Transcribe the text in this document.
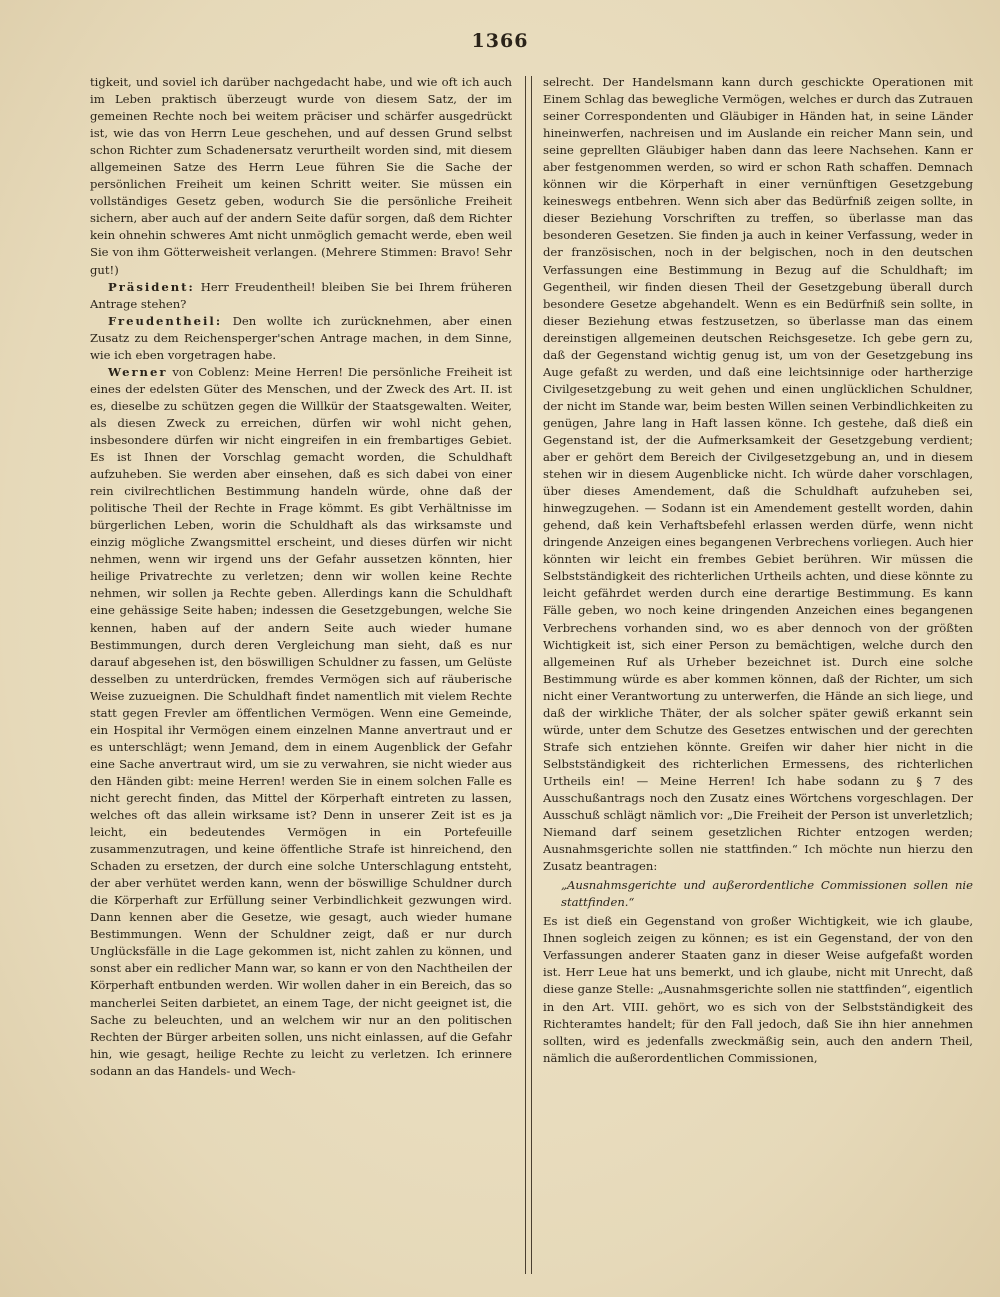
1366

tigkeit, und soviel ich darüber nachgedacht habe, und wie oft ich auch im Leben praktisch überzeugt wurde von diesem Satz, der im gemeinen Rechte noch bei weitem präciser und schärfer ausgedrückt ist, wie das von Herrn Leue geschehen, und auf dessen Grund selbst schon Richter zum Schadenersatz verurtheilt worden sind, mit diesem allgemeinen Satze des Herrn Leue führen Sie die Sache der persönlichen Freiheit um keinen Schritt weiter. Sie müssen ein vollständiges Gesetz geben, wodurch Sie die persönliche Freiheit sichern, aber auch auf der andern Seite dafür sorgen, daß dem Richter kein ohnehin schweres Amt nicht unmöglich gemacht werde, eben weil Sie von ihm Götterweisheit verlangen. (Mehrere Stimmen: Bravo! Sehr gut!)

Präsident: Herr Freudentheil! bleiben Sie bei Ihrem früheren Antrage stehen?

Freudentheil: Den wollte ich zurücknehmen, aber einen Zusatz zu dem Reichensperger'schen Antrage machen, in dem Sinne, wie ich eben vorgetragen habe.

Werner von Coblenz: Meine Herren! Die persönliche Freiheit ist eines der edelsten Güter des Menschen, und der Zweck des Art. II. ist es, dieselbe zu schützen gegen die Willkür der Staatsgewalten. Weiter, als diesen Zweck zu erreichen, dürfen wir wohl nicht gehen, insbesondere dürfen wir nicht eingreifen in ein frembartiges Gebiet. Es ist Ihnen der Vorschlag gemacht worden, die Schuldhaft aufzuheben. Sie werden aber einsehen, daß es sich dabei von einer rein civilrechtlichen Bestimmung handeln würde, ohne daß der politische Theil der Rechte in Frage kömmt. Es gibt Verhältnisse im bürgerlichen Leben, worin die Schuldhaft als das wirksamste und einzig mögliche Zwangsmittel erscheint, und dieses dürfen wir nicht nehmen, wenn wir irgend uns der Gefahr aussetzen könnten, hier heilige Privatrechte zu verletzen; denn wir wollen keine Rechte nehmen, wir sollen ja Rechte geben. Allerdings kann die Schuldhaft eine gehässige Seite haben; indessen die Gesetzgebungen, welche Sie kennen, haben auf der andern Seite auch wieder humane Bestimmungen, durch deren Vergleichung man sieht, daß es nur darauf abgesehen ist, den böswilligen Schuldner zu fassen, um Gelüste desselben zu unterdrücken, fremdes Vermögen sich auf räuberische Weise zuzueignen. Die Schuldhaft findet namentlich mit vielem Rechte statt gegen Frevler am öffentlichen Vermögen. Wenn eine Gemeinde, ein Hospital ihr Vermögen einem einzelnen Manne anvertraut und er es unterschlägt; wenn Jemand, dem in einem Augenblick der Gefahr eine Sache anvertraut wird, um sie zu verwahren, sie nicht wieder aus den Händen gibt: meine Herren! werden Sie in einem solchen Falle es nicht gerecht finden, das Mittel der Körperhaft eintreten zu lassen, welches oft das allein wirksame ist? Denn in unserer Zeit ist es ja leicht, ein bedeutendes Vermögen in ein Portefeuille zusammenzutragen, und keine öffentliche Strafe ist hinreichend, den Schaden zu ersetzen, der durch eine solche Unterschlagung entsteht, der aber verhütet werden kann, wenn der böswillige Schuldner durch die Körperhaft zur Erfüllung seiner Verbindlichkeit gezwungen wird. Dann kennen aber die Gesetze, wie gesagt, auch wieder humane Bestimmungen. Wenn der Schuldner zeigt, daß er nur durch Unglücksfälle in die Lage gekommen ist, nicht zahlen zu können, und sonst aber ein redlicher Mann war, so kann er von den Nachtheilen der Körperhaft entbunden werden. Wir wollen daher in ein Bereich, das so mancherlei Seiten darbietet, an einem Tage, der nicht geeignet ist, die Sache zu beleuchten, und an welchem wir nur an den politischen Rechten der Bürger arbeiten sollen, uns nicht einlassen, auf die Gefahr hin, wie gesagt, heilige Rechte zu leicht zu verletzen. Ich erinnere sodann an das Handels- und Wech-

selrecht. Der Handelsmann kann durch geschickte Operationen mit Einem Schlag das bewegliche Vermögen, welches er durch das Zutrauen seiner Correspondenten und Gläubiger in Händen hat, in seine Länder hineinwerfen, nachreisen und im Auslande ein reicher Mann sein, und seine geprellten Gläubiger haben dann das leere Nachsehen. Kann er aber festgenommen werden, so wird er schon Rath schaffen. Demnach können wir die Körperhaft in einer vernünftigen Gesetzgebung keineswegs entbehren. Wenn sich aber das Bedürfniß zeigen sollte, in dieser Beziehung Vorschriften zu treffen, so überlasse man das besonderen Gesetzen. Sie finden ja auch in keiner Verfassung, weder in der französischen, noch in der belgischen, noch in den deutschen Verfassungen eine Bestimmung in Bezug auf die Schuldhaft; im Gegentheil, wir finden diesen Theil der Gesetzgebung überall durch besondere Gesetze abgehandelt. Wenn es ein Bedürfniß sein sollte, in dieser Beziehung etwas festzusetzen, so überlasse man das einem dereinstigen allgemeinen deutschen Reichsgesetze. Ich gebe gern zu, daß der Gegenstand wichtig genug ist, um von der Gesetzgebung ins Auge gefaßt zu werden, und daß eine leichtsinnige oder hartherzige Civilgesetzgebung zu weit gehen und einen unglücklichen Schuldner, der nicht im Stande war, beim besten Willen seinen Verbindlichkeiten zu genügen, Jahre lang in Haft lassen könne. Ich gestehe, daß dieß ein Gegenstand ist, der die Aufmerksamkeit der Gesetzgebung verdient; aber er gehört dem Bereich der Civilgesetzgebung an, und in diesem stehen wir in diesem Augenblicke nicht. Ich würde daher vorschlagen, über dieses Amendement, daß die Schuldhaft aufzuheben sei, hinwegzugehen. — Sodann ist ein Amendement gestellt worden, dahin gehend, daß kein Verhaftsbefehl erlassen werden dürfe, wenn nicht dringende Anzeigen eines begangenen Verbrechens vorliegen. Auch hier könnten wir leicht ein frembes Gebiet berühren. Wir müssen die Selbstständigkeit des richterlichen Urtheils achten, und diese könnte zu leicht gefährdet werden durch eine derartige Bestimmung. Es kann Fälle geben, wo noch keine dringenden Anzeichen eines begangenen Verbrechens vorhanden sind, wo es aber dennoch von der größten Wichtigkeit ist, sich einer Person zu bemächtigen, welche durch den allgemeinen Ruf als Urheber bezeichnet ist. Durch eine solche Bestimmung würde es aber kommen können, daß der Richter, um sich nicht einer Verantwortung zu unterwerfen, die Hände an sich liege, und daß der wirkliche Thäter, der als solcher später gewiß erkannt sein würde, unter dem Schutze des Gesetzes entwischen und der gerechten Strafe sich entziehen könnte. Greifen wir daher hier nicht in die Selbstständigkeit des richterlichen Ermessens, des richterlichen Urtheils ein! — Meine Herren! Ich habe sodann zu § 7 des Ausschußantrags noch den Zusatz eines Wörtchens vorgeschlagen. Der Ausschuß schlägt nämlich vor: „Die Freiheit der Person ist unverletzlich; Niemand darf seinem gesetzlichen Richter entzogen werden; Ausnahmsgerichte sollen nie stattfinden.“ Ich möchte nun hierzu den Zusatz beantragen:

„Ausnahmsgerichte und außerordentliche Commissionen sollen nie stattfinden.“

Es ist dieß ein Gegenstand von großer Wichtigkeit, wie ich glaube, Ihnen sogleich zeigen zu können; es ist ein Gegenstand, der von den Verfassungen anderer Staaten ganz in dieser Weise aufgefaßt worden ist. Herr Leue hat uns bemerkt, und ich glaube, nicht mit Unrecht, daß diese ganze Stelle: „Ausnahmsgerichte sollen nie stattfinden“, eigentlich in den Art. VIII. gehört, wo es sich von der Selbstständigkeit des Richteramtes handelt; für den Fall jedoch, daß Sie ihn hier annehmen sollten, wird es jedenfalls zweckmäßig sein, auch den andern Theil, nämlich die außerordentlichen Commissionen,
